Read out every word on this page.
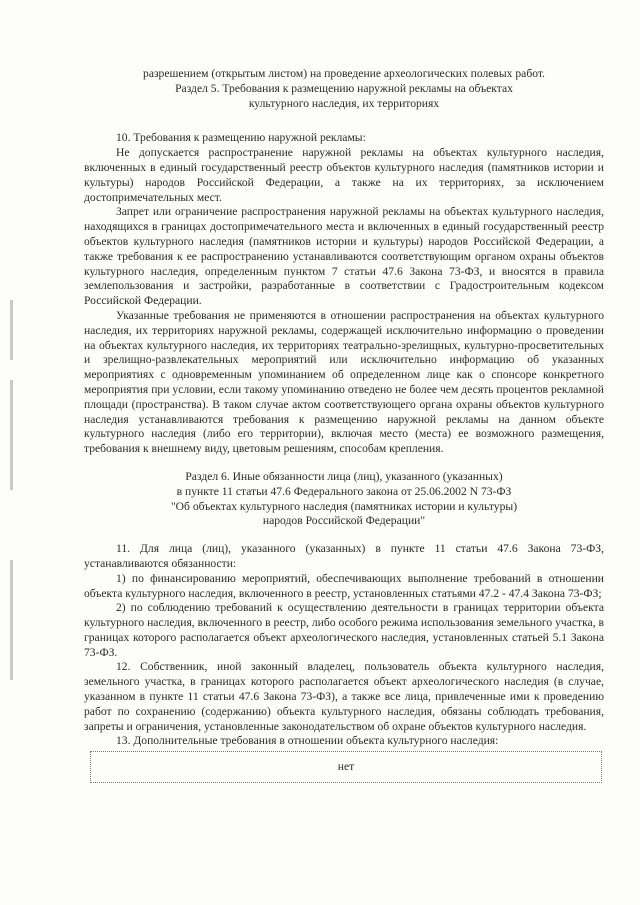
разрешением (открытым листом) на проведение археологических полевых работ.

Раздел 5. Требования к размещению наружной рекламы на объектах

культурного наследия, их территориях

10. Требования к размещению наружной рекламы:

Не допускается распространение наружной рекламы на объектах культурного наследия, включенных в единый государственный реестр объектов культурного наследия (памятников истории и культуры) народов Российской Федерации, а также на их территориях, за исключением достопримечательных мест.

Запрет или ограничение распространения наружной рекламы на объектах культурного наследия, находящихся в границах достопримечательного места и включенных в единый государственный реестр объектов культурного наследия (памятников истории и культуры) народов Российской Федерации, а также требования к ее распространению устанавливаются соответствующим органом охраны объектов культурного наследия, определенным пунктом 7 статьи 47.6 Закона 73-ФЗ, и вносятся в правила землепользования и застройки, разработанные в соответствии с Градостроительным кодексом Российской Федерации.

Указанные требования не применяются в отношении распространения на объектах культурного наследия, их территориях наружной рекламы, содержащей исключительно информацию о проведении на объектах культурного наследия, их территориях театрально-зрелищных, культурно-просветительных и зрелищно-развлекательных мероприятий или исключительно информацию об указанных мероприятиях с одновременным упоминанием об определенном лице как о спонсоре конкретного мероприятия при условии, если такому упоминанию отведено не более чем десять процентов рекламной площади (пространства). В таком случае актом соответствующего органа охраны объектов культурного наследия устанавливаются требования к размещению наружной рекламы на данном объекте культурного наследия (либо его территории), включая место (места) ее возможного размещения, требования к внешнему виду, цветовым решениям, способам крепления.

Раздел 6. Иные обязанности лица (лиц), указанного (указанных)

в пункте 11 статьи 47.6 Федерального закона от 25.06.2002 N 73-ФЗ

"Об объектах культурного наследия (памятниках истории и культуры)

народов Российской Федерации"

11. Для лица (лиц), указанного (указанных) в пункте 11 статьи 47.6 Закона 73-ФЗ, устанавливаются обязанности:

1) по финансированию мероприятий, обеспечивающих выполнение требований в отношении объекта культурного наследия, включенного в реестр, установленных статьями 47.2 - 47.4 Закона 73-ФЗ;

2) по соблюдению требований к осуществлению деятельности в границах территории объекта культурного наследия, включенного в реестр, либо особого режима использования земельного участка, в границах которого располагается объект археологического наследия, установленных статьей 5.1 Закона 73-ФЗ.

12. Собственник, иной законный владелец, пользователь объекта культурного наследия, земельного участка, в границах которого располагается объект археологического наследия (в случае, указанном в пункте 11 статьи 47.6 Закона 73-ФЗ), а также все лица, привлеченные ими к проведению работ по сохранению (содержанию) объекта культурного наследия, обязаны соблюдать требования, запреты и ограничения, установленные законодательством об охране объектов культурного наследия.

13. Дополнительные требования в отношении объекта культурного наследия:

нет
